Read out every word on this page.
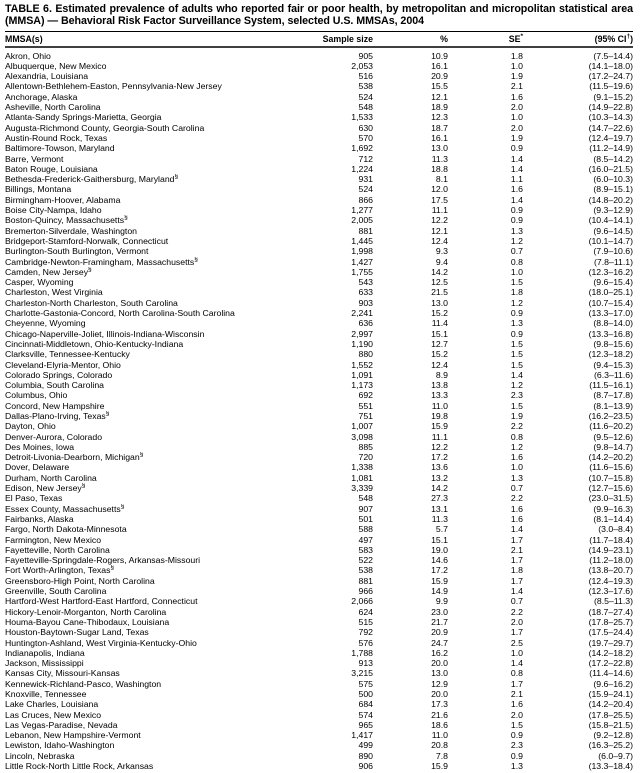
TABLE 6. Estimated prevalence of adults who reported fair or poor health, by metropolitan and micropolitan statistical area (MMSA) — Behavioral Risk Factor Surveillance System, selected U.S. MMSAs, 2004
MMSA(s)	Sample size	%	SE*	(95% CI†)
Akron, Ohio	905	10.9	1.8	(7.5–14.4)
Albuquerque, New Mexico	2,053	16.1	1.0	(14.1–18.0)
Alexandria, Louisiana	516	20.9	1.9	(17.2–24.7)
Allentown-Bethlehem-Easton, Pennsylvania-New Jersey	538	15.5	2.1	(11.5–19.6)
Anchorage, Alaska	524	12.1	1.6	(9.1–15.2)
Asheville, North Carolina	548	18.9	2.0	(14.9–22.8)
Atlanta-Sandy Springs-Marietta, Georgia	1,533	12.3	1.0	(10.3–14.3)
Augusta-Richmond County, Georgia-South Carolina	630	18.7	2.0	(14.7–22.6)
Austin-Round Rock, Texas	570	16.1	1.9	(12.4–19.7)
Baltimore-Towson, Maryland	1,692	13.0	0.9	(11.2–14.9)
Barre, Vermont	712	11.3	1.4	(8.5–14.2)
Baton Rouge, Louisiana	1,224	18.8	1.4	(16.0–21.5)
Bethesda-Frederick-Gaithersburg, Maryland§	931	8.1	1.1	(6.0–10.3)
Billings, Montana	524	12.0	1.6	(8.9–15.1)
Birmingham-Hoover, Alabama	866	17.5	1.4	(14.8–20.2)
Boise City-Nampa, Idaho	1,277	11.1	0.9	(9.3–12.9)
Boston-Quincy, Massachusetts§	2,005	12.2	0.9	(10.4–14.1)
Bremerton-Silverdale, Washington	881	12.1	1.3	(9.6–14.5)
Bridgeport-Stamford-Norwalk, Connecticut	1,445	12.4	1.2	(10.1–14.7)
Burlington-South Burlington, Vermont	1,998	9.3	0.7	(7.9–10.6)
Cambridge-Newton-Framingham, Massachusetts§	1,427	9.4	0.8	(7.8–11.1)
Camden, New Jersey§	1,755	14.2	1.0	(12.3–16.2)
Casper, Wyoming	543	12.5	1.5	(9.6–15.4)
Charleston, West Virginia	633	21.5	1.8	(18.0–25.1)
Charleston-North Charleston, South Carolina	903	13.0	1.2	(10.7–15.4)
Charlotte-Gastonia-Concord, North Carolina-South Carolina	2,241	15.2	0.9	(13.3–17.0)
Cheyenne, Wyoming	636	11.4	1.3	(8.8–14.0)
Chicago-Naperville-Joliet, Illinois-Indiana-Wisconsin	2,997	15.1	0.9	(13.3–16.8)
Cincinnati-Middletown, Ohio-Kentucky-Indiana	1,190	12.7	1.5	(9.8–15.6)
Clarksville, Tennessee-Kentucky	880	15.2	1.5	(12.3–18.2)
Cleveland-Elyria-Mentor, Ohio	1,552	12.4	1.5	(9.4–15.3)
Colorado Springs, Colorado	1,091	8.9	1.4	(6.3–11.6)
Columbia, South Carolina	1,173	13.8	1.2	(11.5–16.1)
Columbus, Ohio	692	13.3	2.3	(8.7–17.8)
Concord, New Hampshire	551	11.0	1.5	(8.1–13.9)
Dallas-Plano-Irving, Texas§	751	19.8	1.9	(16.2–23.5)
Dayton, Ohio	1,007	15.9	2.2	(11.6–20.2)
Denver-Aurora, Colorado	3,098	11.1	0.8	(9.5–12.6)
Des Moines, Iowa	885	12.2	1.2	(9.8–14.7)
Detroit-Livonia-Dearborn, Michigan§	720	17.2	1.6	(14.2–20.2)
Dover, Delaware	1,338	13.6	1.0	(11.6–15.6)
Durham, North Carolina	1,081	13.2	1.3	(10.7–15.8)
Edison, New Jersey§	3,339	14.2	0.7	(12.7–15.6)
El Paso, Texas	548	27.3	2.2	(23.0–31.5)
Essex County, Massachusetts§	907	13.1	1.6	(9.9–16.3)
Fairbanks, Alaska	501	11.3	1.6	(8.1–14.4)
Fargo, North Dakota-Minnesota	588	5.7	1.4	(3.0–8.4)
Farmington, New Mexico	497	15.1	1.7	(11.7–18.4)
Fayetteville, North Carolina	583	19.0	2.1	(14.9–23.1)
Fayetteville-Springdale-Rogers, Arkansas-Missouri	522	14.6	1.7	(11.2–18.0)
Fort Worth-Arlington, Texas§	538	17.2	1.8	(13.8–20.7)
Greensboro-High Point, North Carolina	881	15.9	1.7	(12.4–19.3)
Greenville, South Carolina	966	14.9	1.4	(12.3–17.6)
Hartford-West Hartford-East Hartford, Connecticut	2,066	9.9	0.7	(8.5–11.3)
Hickory-Lenoir-Morganton, North Carolina	624	23.0	2.2	(18.7–27.4)
Houma-Bayou Cane-Thibodaux, Louisiana	515	21.7	2.0	(17.8–25.7)
Houston-Baytown-Sugar Land, Texas	792	20.9	1.7	(17.5–24.4)
Huntington-Ashland, West Virginia-Kentucky-Ohio	576	24.7	2.5	(19.7–29.7)
Indianapolis, Indiana	1,788	16.2	1.0	(14.2–18.2)
Jackson, Mississippi	913	20.0	1.4	(17.2–22.8)
Kansas City, Missouri-Kansas	3,215	13.0	0.8	(11.4–14.6)
Kennewick-Richland-Pasco, Washington	575	12.9	1.7	(9.6–16.2)
Knoxville, Tennessee	500	20.0	2.1	(15.9–24.1)
Lake Charles, Louisiana	684	17.3	1.6	(14.2–20.4)
Las Cruces, New Mexico	574	21.6	2.0	(17.8–25.5)
Las Vegas-Paradise, Nevada	965	18.6	1.5	(15.8–21.5)
Lebanon, New Hampshire-Vermont	1,417	11.0	0.9	(9.2–12.8)
Lewiston, Idaho-Washington	499	20.8	2.3	(16.3–25.2)
Lincoln, Nebraska	890	7.8	0.9	(6.0–9.7)
Little Rock-North Little Rock, Arkansas	906	15.9	1.3	(13.3–18.4)
